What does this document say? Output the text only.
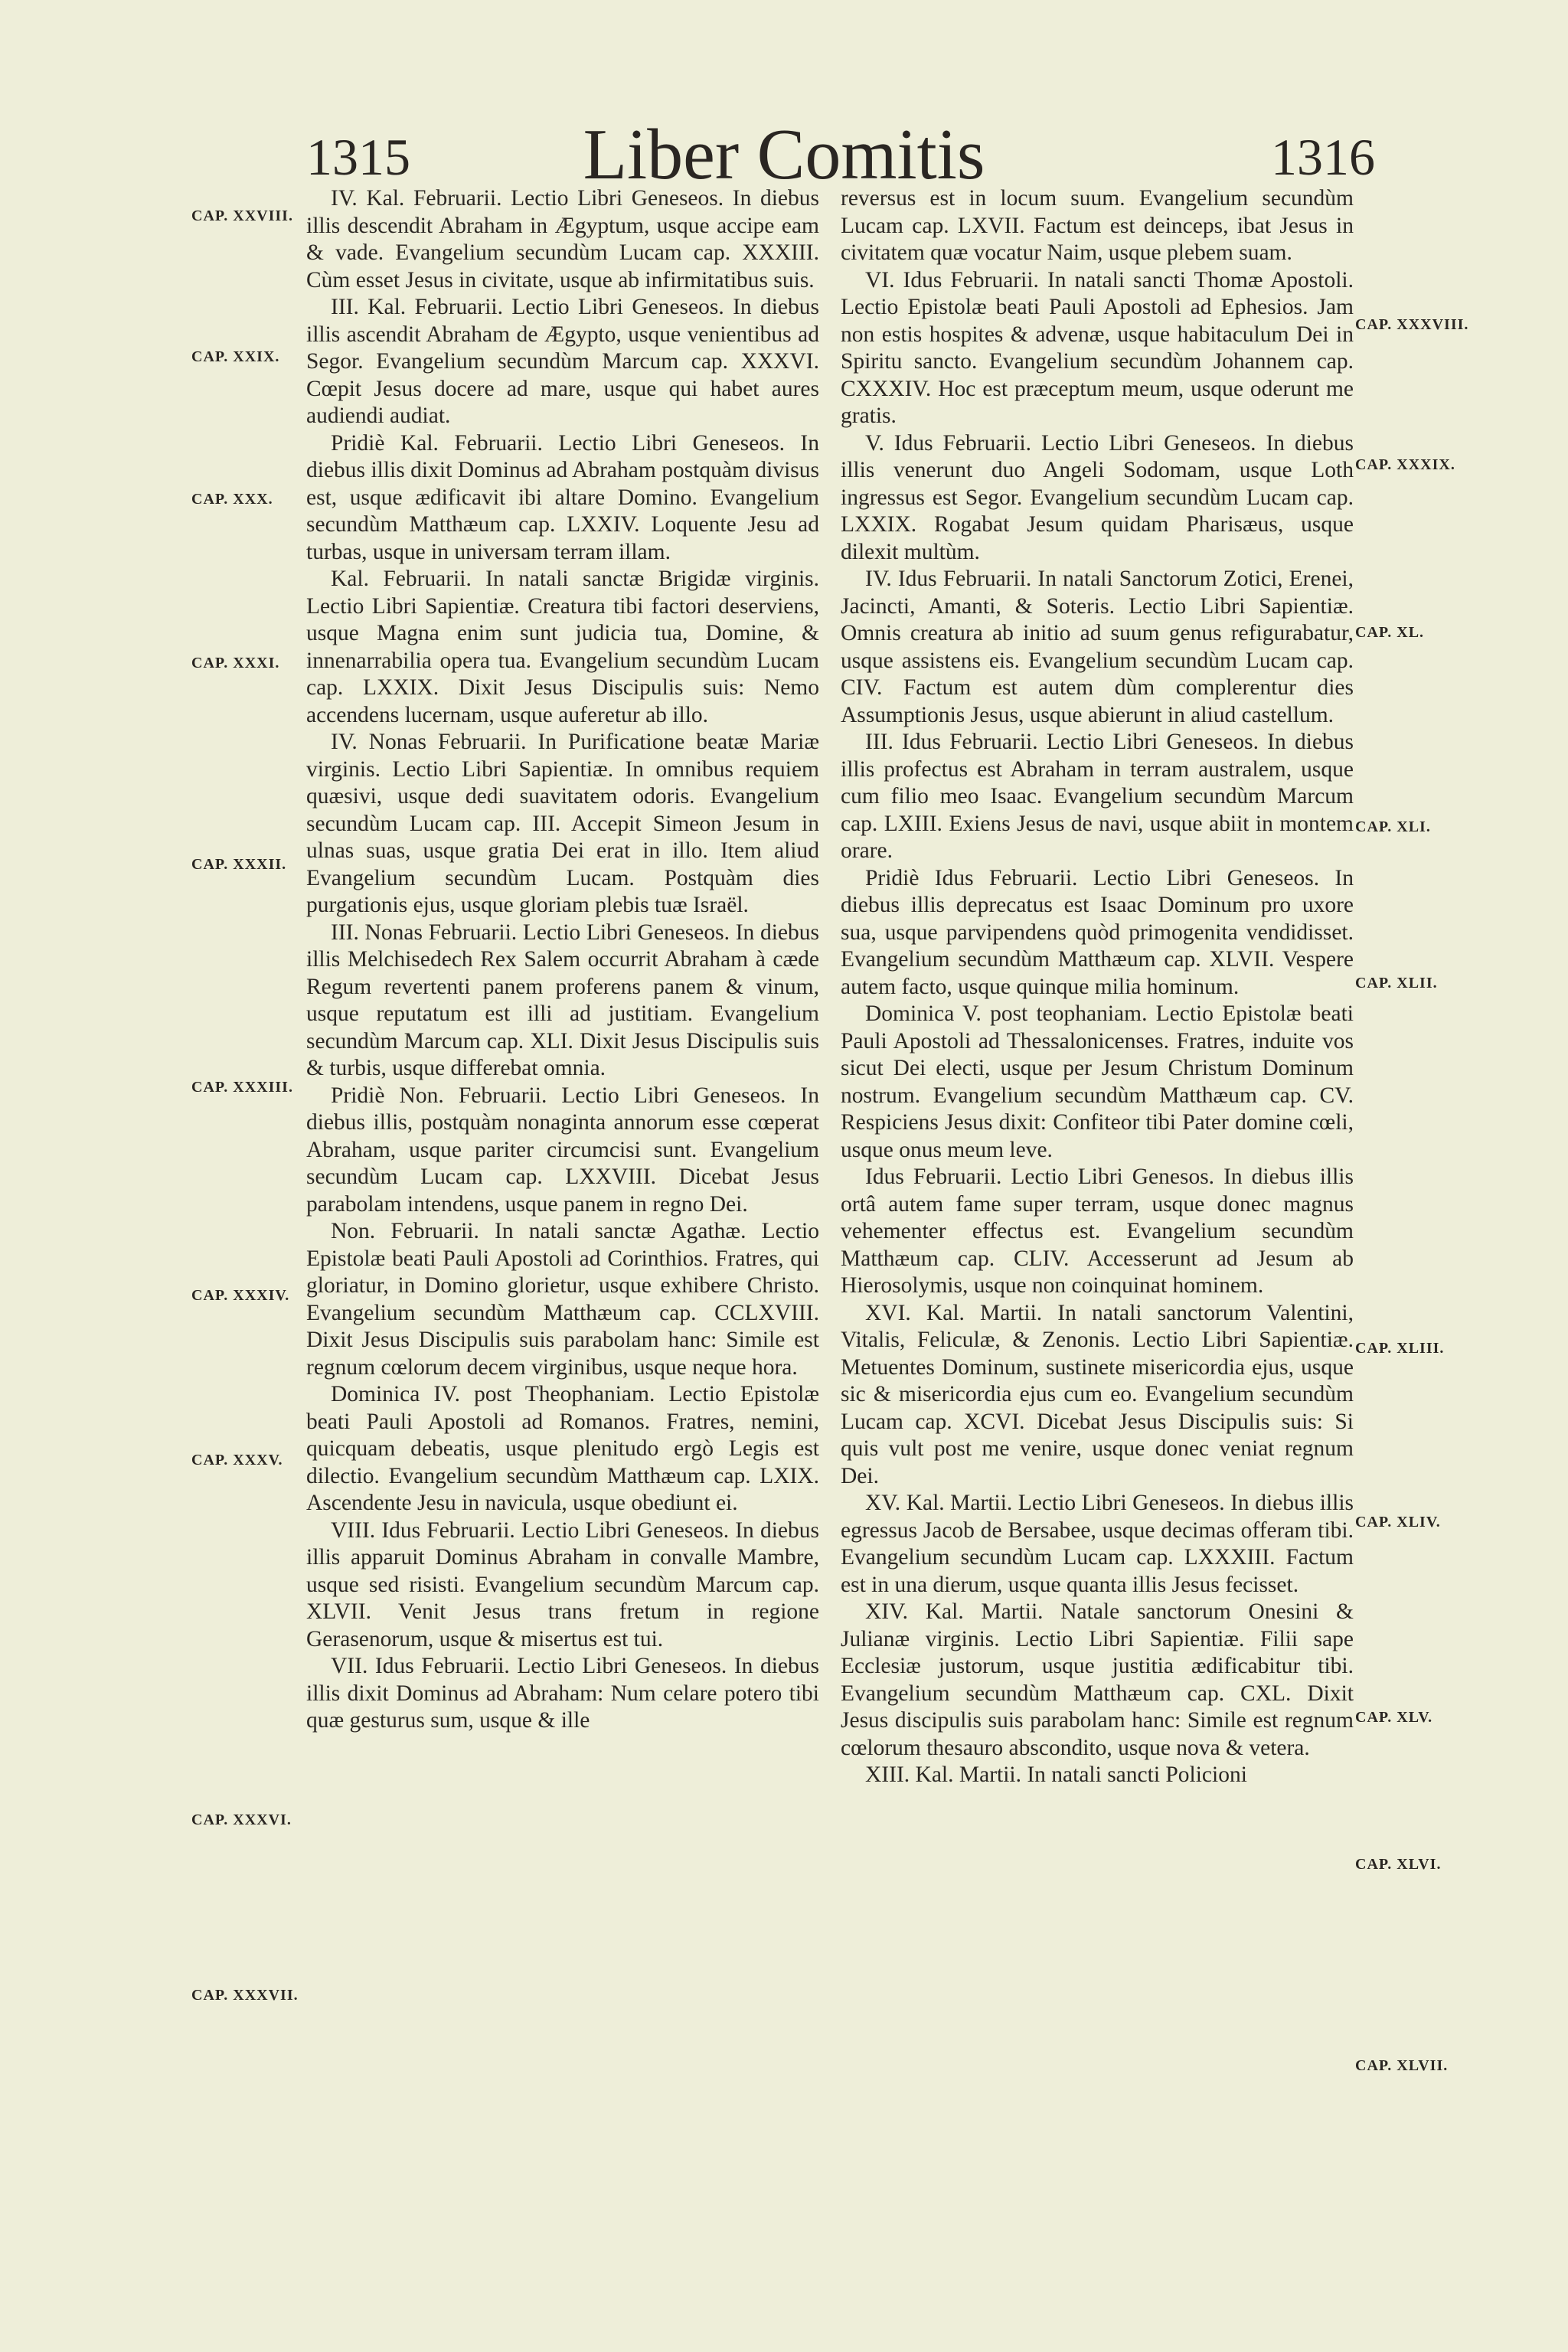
1315	Liber Comitis	1316

IV. Kal. Februarii. Lectio Libri Geneseos. In diebus illis descendit Abraham in Ægyptum, usque accipe eam & vade. Evangelium secundùm Lucam cap. XXXIII. Cùm esset Jesus in civitate, usque ab infirmitatibus suis.

III. Kal. Februarii. Lectio Libri Geneseos. In diebus illis ascendit Abraham de Ægypto, usque venientibus ad Segor. Evangelium secundùm Marcum cap. XXXVI. Cœpit Jesus docere ad mare, usque qui habet aures audiendi audiat.

Pridiè Kal. Februarii. Lectio Libri Geneseos. In diebus illis dixit Dominus ad Abraham postquàm divisus est, usque ædificavit ibi altare Domino. Evangelium secundùm Matthæum cap. LXXIV. Loquente Jesu ad turbas, usque in universam terram illam.

Kal. Februarii. In natali sanctæ Brigidæ virginis. Lectio Libri Sapientiæ. Creatura tibi factori deserviens, usque Magna enim sunt judicia tua, Domine, & innenarrabilia opera tua. Evangelium secundùm Lucam cap. LXXIX. Dixit Jesus Discipulis suis: Nemo accendens lucernam, usque auferetur ab illo.

IV. Nonas Februarii. In Purificatione beatæ Mariæ virginis. Lectio Libri Sapientiæ. In omnibus requiem quæsivi, usque dedi suavitatem odoris. Evangelium secundùm Lucam cap. III. Accepit Simeon Jesum in ulnas suas, usque gratia Dei erat in illo. Item aliud Evangelium secundùm Lucam. Postquàm dies purgationis ejus, usque gloriam plebis tuæ Israël.

III. Nonas Februarii. Lectio Libri Geneseos. In diebus illis Melchisedech Rex Salem occurrit Abraham à cæde Regum revertenti panem proferens panem & vinum, usque reputatum est illi ad justitiam. Evangelium secundùm Marcum cap. XLI. Dixit Jesus Discipulis suis & turbis, usque differebat omnia.

Pridiè Non. Februarii. Lectio Libri Geneseos. In diebus illis, postquàm nonaginta annorum esse cœperat Abraham, usque pariter circumcisi sunt. Evangelium secundùm Lucam cap. LXXVIII. Dicebat Jesus parabolam intendens, usque panem in regno Dei.

Non. Februarii. In natali sanctæ Agathæ. Lectio Epistolæ beati Pauli Apostoli ad Corinthios. Fratres, qui gloriatur, in Domino glorietur, usque exhibere Christo. Evangelium secundùm Matthæum cap. CCLXVIII. Dixit Jesus Discipulis suis parabolam hanc: Simile est regnum cœlorum decem virginibus, usque neque hora.

Dominica IV. post Theophaniam. Lectio Epistolæ beati Pauli Apostoli ad Romanos. Fratres, nemini, quicquam debeatis, usque plenitudo ergò Legis est dilectio. Evangelium secundùm Matthæum cap. LXIX. Ascendente Jesu in navicula, usque obediunt ei.

VIII. Idus Februarii. Lectio Libri Geneseos. In diebus illis apparuit Dominus Abraham in convalle Mambre, usque sed risisti. Evangelium secundùm Marcum cap. XLVII. Venit Jesus trans fretum in regione Gerasenorum, usque & misertus est tui.

VII. Idus Februarii. Lectio Libri Geneseos. In diebus illis dixit Dominus ad Abraham: Num celare potero tibi quæ gesturus sum, usque & ille

reversus est in locum suum. Evangelium secundùm Lucam cap. LXVII. Factum est deinceps, ibat Jesus in civitatem quæ vocatur Naim, usque plebem suam.

VI. Idus Februarii. In natali sancti Thomæ Apostoli. Lectio Epistolæ beati Pauli Apostoli ad Ephesios. Jam non estis hospites & advenæ, usque habitaculum Dei in Spiritu sancto. Evangelium secundùm Johannem cap. CXXXIV. Hoc est præceptum meum, usque oderunt me gratis.

V. Idus Februarii. Lectio Libri Geneseos. In diebus illis venerunt duo Angeli Sodomam, usque Loth ingressus est Segor. Evangelium secundùm Lucam cap. LXXIX. Rogabat Jesum quidam Pharisæus, usque dilexit multùm.

IV. Idus Februarii. In natali Sanctorum Zotici, Erenei, Jacincti, Amanti, & Soteris. Lectio Libri Sapientiæ. Omnis creatura ab initio ad suum genus refigurabatur, usque assistens eis. Evangelium secundùm Lucam cap. CIV. Factum est autem dùm complerentur dies Assumptionis Jesus, usque abierunt in aliud castellum.

III. Idus Februarii. Lectio Libri Geneseos. In diebus illis profectus est Abraham in terram australem, usque cum filio meo Isaac. Evangelium secundùm Marcum cap. LXIII. Exiens Jesus de navi, usque abiit in montem orare.

Pridiè Idus Februarii. Lectio Libri Geneseos. In diebus illis deprecatus est Isaac Dominum pro uxore sua, usque parvipendens quòd primogenita vendidisset. Evangelium secundùm Matthæum cap. XLVII. Vespere autem facto, usque quinque milia hominum.

Dominica V. post teophaniam. Lectio Epistolæ beati Pauli Apostoli ad Thessalonicenses. Fratres, induite vos sicut Dei electi, usque per Jesum Christum Dominum nostrum. Evangelium secundùm Matthæum cap. CV. Respiciens Jesus dixit: Confiteor tibi Pater domine cœli, usque onus meum leve.

Idus Februarii. Lectio Libri Genesos. In diebus illis ortâ autem fame super terram, usque donec magnus vehementer effectus est. Evangelium secundùm Matthæum cap. CLIV. Accesserunt ad Jesum ab Hierosolymis, usque non coinquinat hominem.

XVI. Kal. Martii. In natali sanctorum Valentini, Vitalis, Feliculæ, & Zenonis. Lectio Libri Sapientiæ. Metuentes Dominum, sustinete misericordia ejus, usque sic & misericordia ejus cum eo. Evangelium secundùm Lucam cap. XCVI. Dicebat Jesus Discipulis suis: Si quis vult post me venire, usque donec veniat regnum Dei.

XV. Kal. Martii. Lectio Libri Geneseos. In diebus illis egressus Jacob de Bersabee, usque decimas offeram tibi. Evangelium secundùm Lucam cap. LXXXIII. Factum est in una dierum, usque quanta illis Jesus fecisset.

XIV. Kal. Martii. Natale sanctorum Onesini & Julianæ virginis. Lectio Libri Sapientiæ. Filii sape Ecclesiæ justorum, usque justitia ædificabitur tibi. Evangelium secundùm Matthæum cap. CXL. Dixit Jesus discipulis suis parabolam hanc: Simile est regnum cœlorum thesauro abscondito, usque nova & vetera.

XIII. Kal. Martii. In natali sancti Policioni

CAP. XXVIII.
CAP. XXIX.
CAP. XXX.
CAP. XXXI.
CAP. XXXII.
CAP. XXXIII.
CAP. XXXIV.
CAP. XXXV.
CAP. XXXVI.
CAP. XXXVII.
CAP. XXXVIII.
CAP. XXXIX.
CAP. XL.
CAP. XLI.
CAP. XLII.
CAP. XLIII.
CAP. XLIV.
CAP. XLV.
CAP. XLVI.
CAP. XLVII.
